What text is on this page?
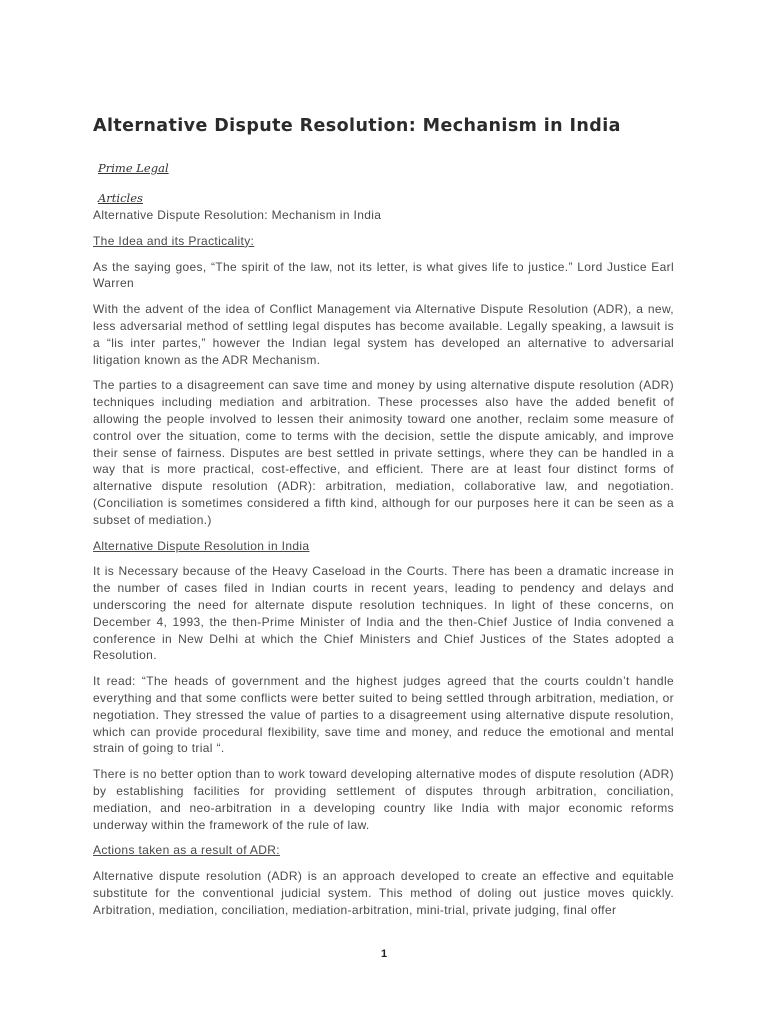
Alternative Dispute Resolution: Mechanism in India
Prime Legal
Articles

Alternative Dispute Resolution: Mechanism in India

The Idea and its Practicality:

As the saying goes, “The spirit of the law, not its letter, is what gives life to justice.” Lord Justice Earl Warren

With the advent of the idea of Conflict Management via Alternative Dispute Resolution (ADR), a new, less adversarial method of settling legal disputes has become available. Legally speaking, a lawsuit is a “lis inter partes,” however the Indian legal system has developed an alternative to adversarial litigation known as the ADR Mechanism.

The parties to a disagreement can save time and money by using alternative dispute resolution (ADR) techniques including mediation and arbitration. These processes also have the added benefit of allowing the people involved to lessen their animosity toward one another, reclaim some measure of control over the situation, come to terms with the decision, settle the dispute amicably, and improve their sense of fairness. Disputes are best settled in private settings, where they can be handled in a way that is more practical, cost-effective, and efficient. There are at least four distinct forms of alternative dispute resolution (ADR): arbitration, mediation, collaborative law, and negotiation. (Conciliation is sometimes considered a fifth kind, although for our purposes here it can be seen as a subset of mediation.)

Alternative Dispute Resolution in India

It is Necessary because of the Heavy Caseload in the Courts. There has been a dramatic increase in the number of cases filed in Indian courts in recent years, leading to pendency and delays and underscoring the need for alternate dispute resolution techniques. In light of these concerns, on December 4, 1993, the then-Prime Minister of India and the then-Chief Justice of India convened a conference in New Delhi at which the Chief Ministers and Chief Justices of the States adopted a Resolution.

It read: “The heads of government and the highest judges agreed that the courts couldn’t handle everything and that some conflicts were better suited to being settled through arbitration, mediation, or negotiation. They stressed the value of parties to a disagreement using alternative dispute resolution, which can provide procedural flexibility, save time and money, and reduce the emotional and mental strain of going to trial “.

There is no better option than to work toward developing alternative modes of dispute resolution (ADR) by establishing facilities for providing settlement of disputes through arbitration, conciliation, mediation, and neo-arbitration in a developing country like India with major economic reforms underway within the framework of the rule of law.

Actions taken as a result of ADR:

Alternative dispute resolution (ADR) is an approach developed to create an effective and equitable substitute for the conventional judicial system. This method of doling out justice moves quickly. Arbitration, mediation, conciliation, mediation-arbitration, mini-trial, private judging, final offer

1
